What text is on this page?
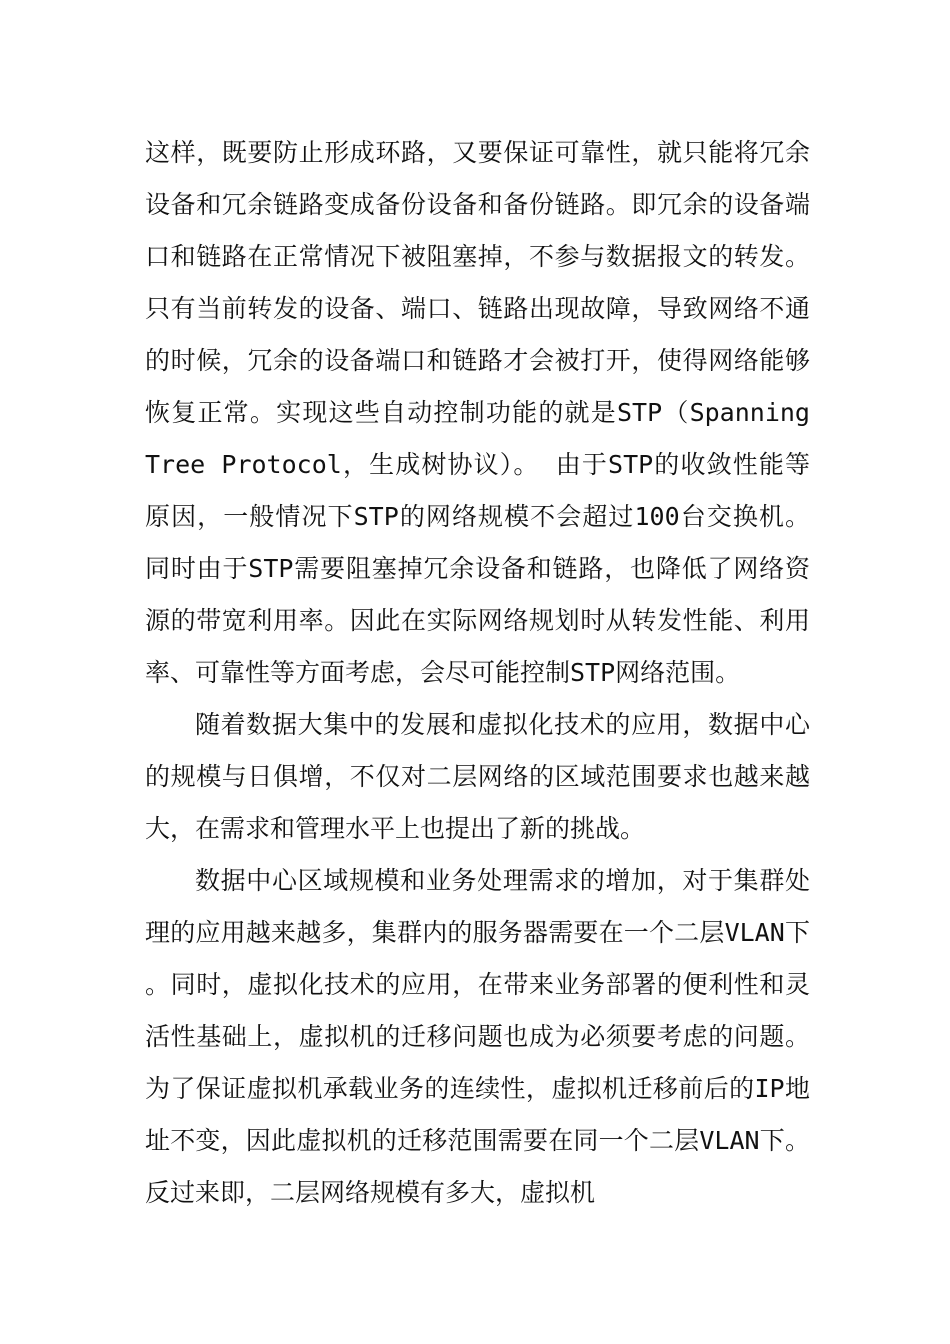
这样，既要防止形成环路，又要保证可靠性，就只能将冗余设备和冗余链路变成备份设备和备份链路。即冗余的设备端口和链路在正常情况下被阻塞掉，不参与数据报文的转发。只有当前转发的设备、端口、链路出现故障，导致网络不通的时候，冗余的设备端口和链路才会被打开，使得网络能够恢复正常。实现这些自动控制功能的就是STP（Spanning Tree Protocol，生成树协议）。 由于STP的收敛性能等原因，一般情况下STP的网络规模不会超过100台交换机。同时由于STP需要阻塞掉冗余设备和链路，也降低了网络资源的带宽利用率。因此在实际网络规划时从转发性能、利用率、可靠性等方面考虑，会尽可能控制STP网络范围。

随着数据大集中的发展和虚拟化技术的应用，数据中心的规模与日俱增，不仅对二层网络的区域范围要求也越来越大，在需求和管理水平上也提出了新的挑战。

数据中心区域规模和业务处理需求的增加，对于集群处理的应用越来越多，集群内的服务器需要在一个二层VLAN下。同时，虚拟化技术的应用，在带来业务部署的便利性和灵活性基础上，虚拟机的迁移问题也成为必须要考虑的问题。为了保证虚拟机承载业务的连续性，虚拟机迁移前后的IP地址不变，因此虚拟机的迁移范围需要在同一个二层VLAN下。反过来即，二层网络规模有多大，虚拟机
